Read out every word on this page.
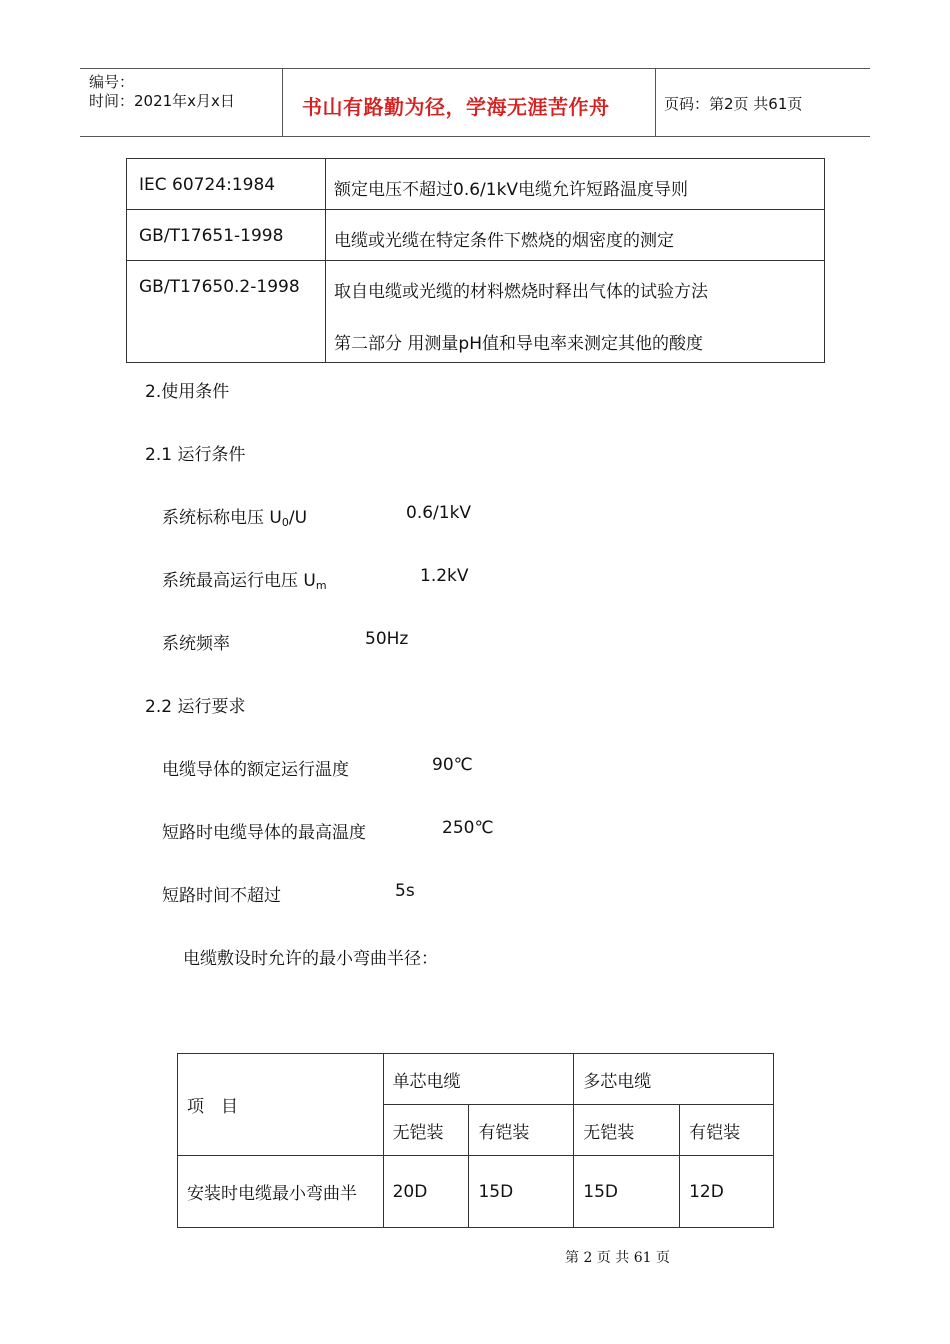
编号：
时间：2021年x月x日	书山有路勤为径，学海无涯苦作舟	页码：第2页 共61页
IEC 60724:1984	额定电压不超过0.6/1kV电缆允许短路温度导则
GB/T17651-1998	电缆或光缆在特定条件下燃烧的烟密度的测定
GB/T17650.2-1998	取自电缆或光缆的材料燃烧时释出气体的试验方法
第二部分 用测量pH值和导电率来测定其他的酸度
2.使用条件
2.1 运行条件
系统标称电压 $U_0/U$	0.6/1kV
系统最高运行电压 $U_m$	1.2kV
系统频率	50Hz
2.2 运行要求
电缆导体的额定运行温度	90℃
短路时电缆导体的最高温度	250℃
短路时间不超过	5s
电缆敷设时允许的最小弯曲半径：
项　目	单芯电缆		多芯电缆	
	无铠装	有铠装	无铠装	有铠装
安装时电缆最小弯曲半	20D	15D	15D	12D
第 2 页 共 61 页
